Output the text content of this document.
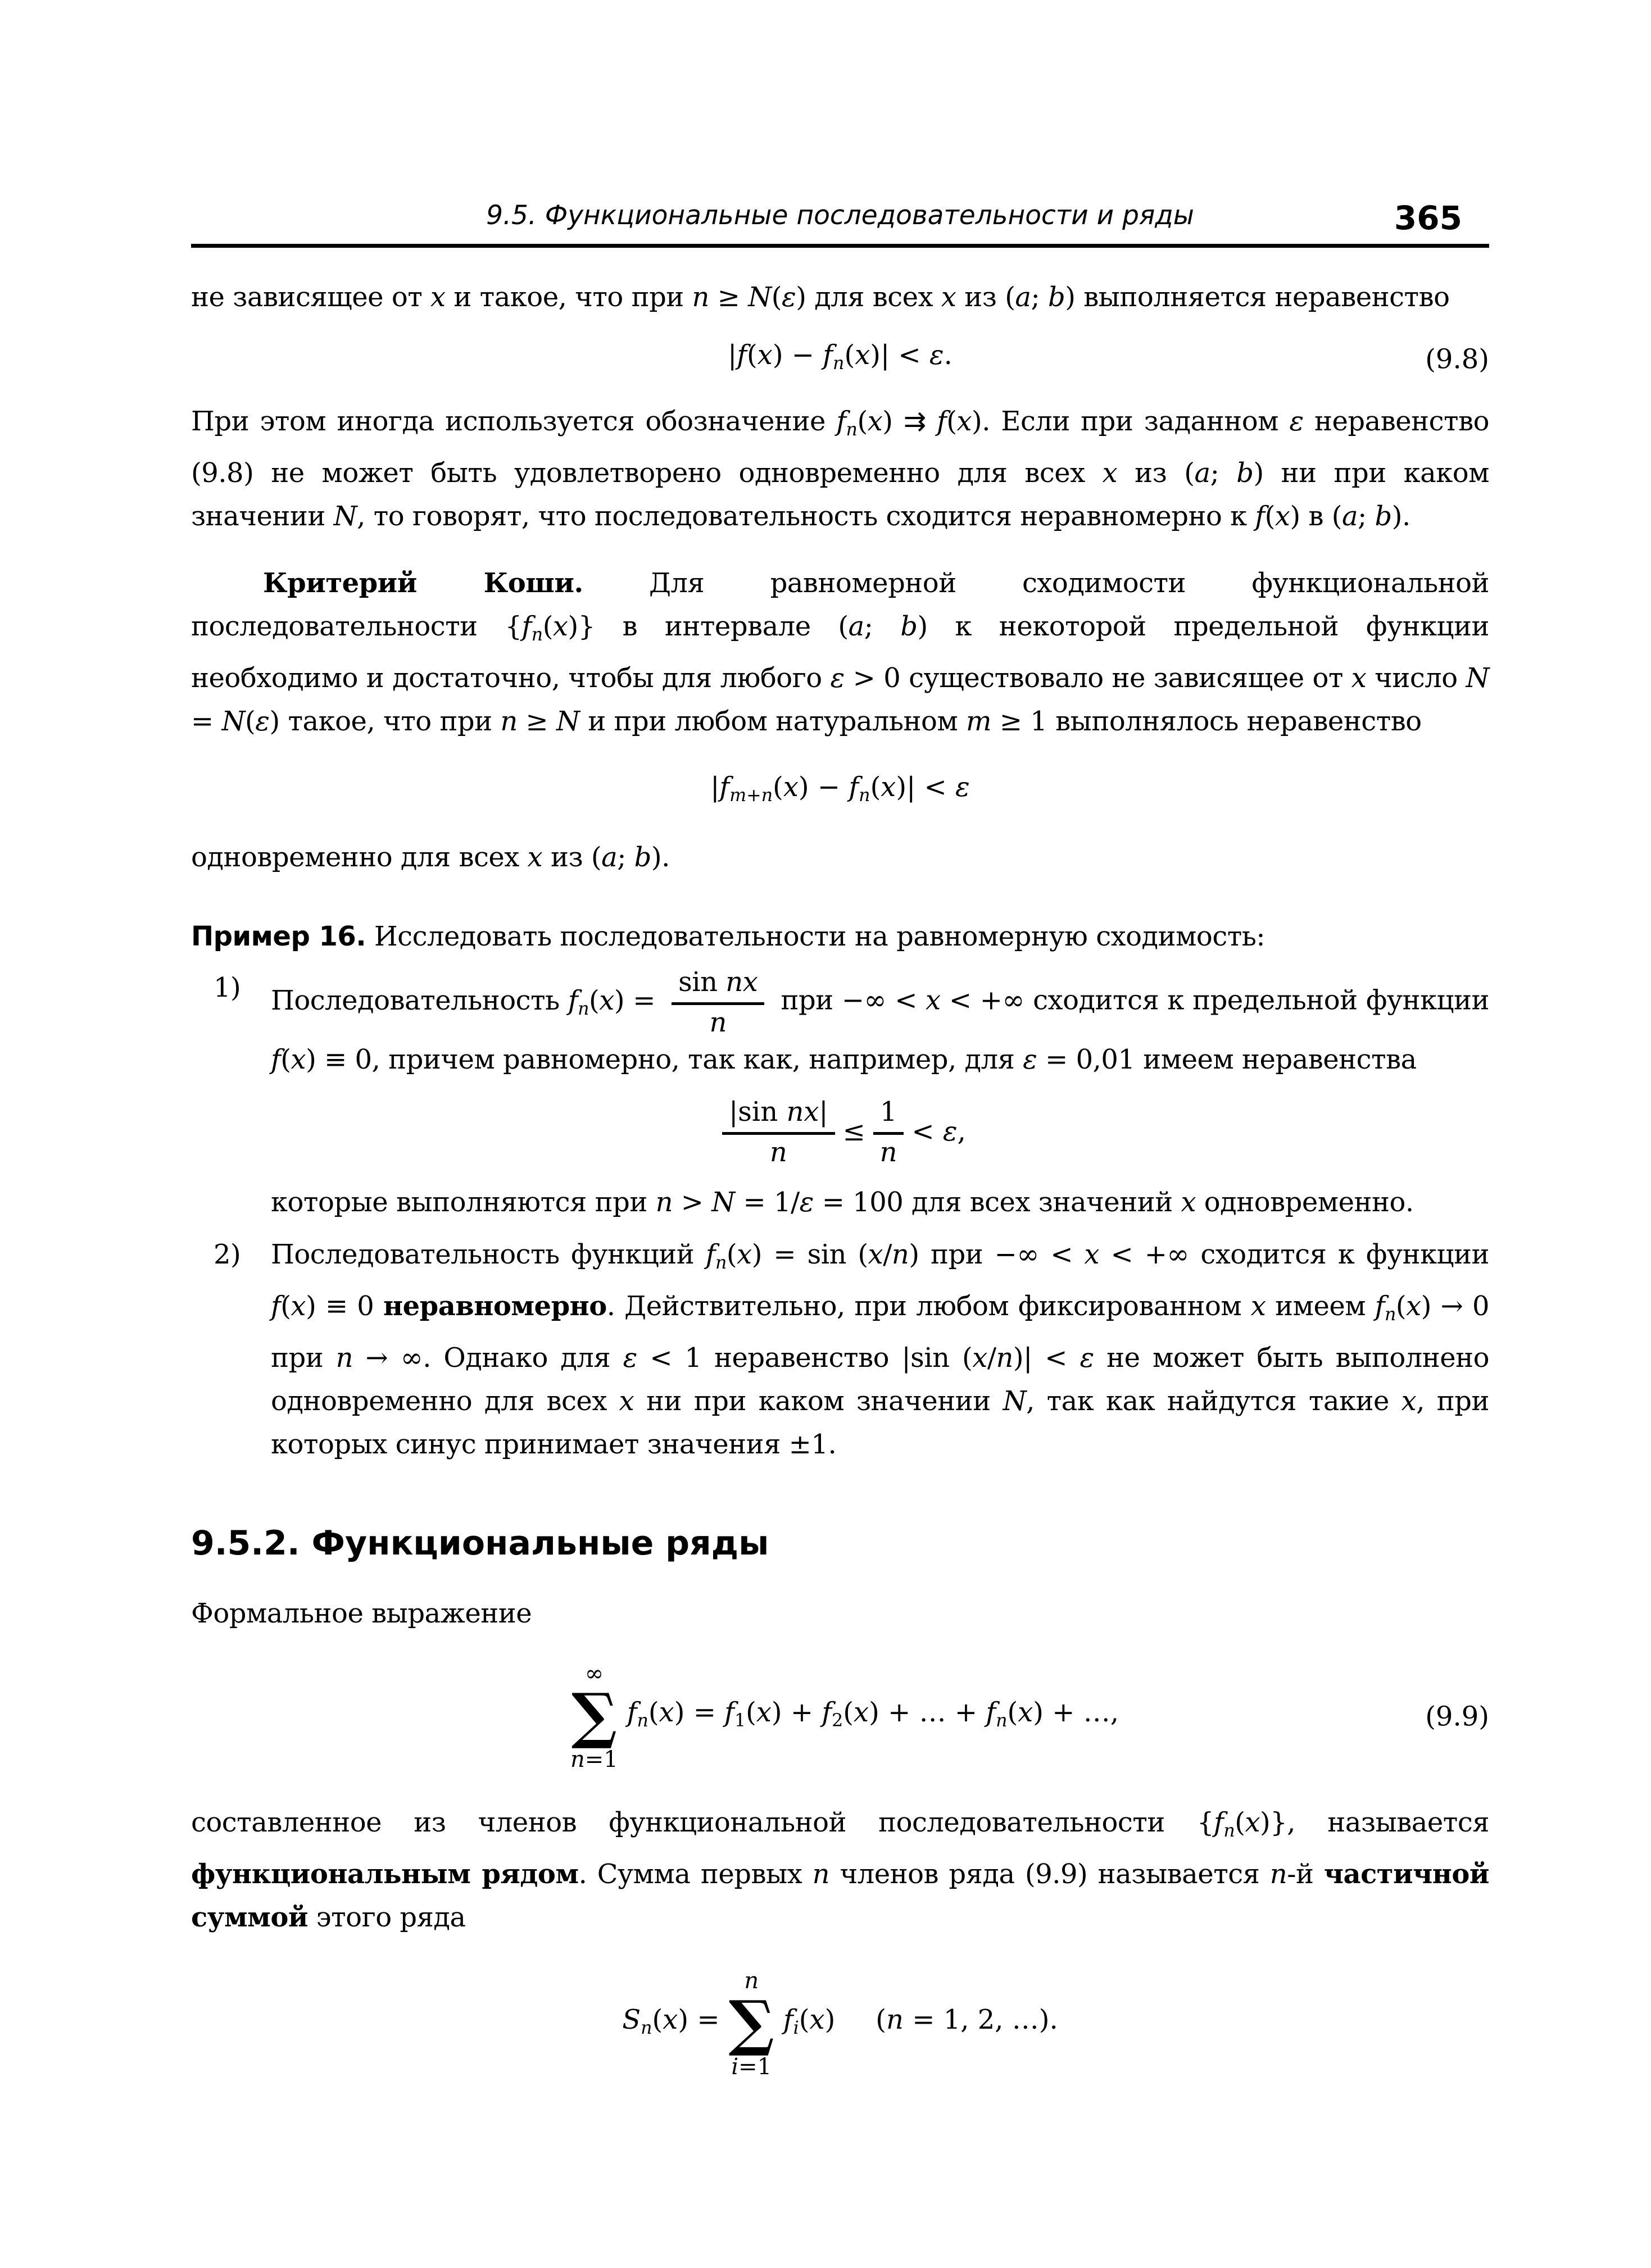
9.5. Функциональные последовательности и ряды	365

не зависящее от x и такое, что при n ≥ N(ε) для всех x из (a; b) выполняется неравенство

$|f(x) - f_n(x)| < \varepsilon$.	(9.8)

При этом иногда используется обозначение $f_n(x)$ ⇉ f(x). Если при заданном ε неравенство (9.8) не может быть удовлетворено одновременно для всех x из (a; b) ни при каком значении N, то говорят, что последовательность сходится неравномерно к f(x) в (a; b).

Критерий Коши. Для равномерной сходимости функциональной последовательности $\{f_n(x)\}$ в интервале (a; b) к некоторой предельной функции необходимо и достаточно, чтобы для любого ε > 0 существовало не зависящее от x число N = N(ε) такое, что при n ≥ N и при любом натуральном m ≥ 1 выполнялось неравенство

$|f_{m+n}(x) - f_n(x)| < \varepsilon$

одновременно для всех x из (a; b).

Пример 16. Исследовать последовательности на равномерную сходимость:

1) Последовательность $f_n(x) = \frac{\text{sin nx}}{n}$ при −∞ < x < +∞ сходится к предельной функции f(x) ≡ 0, причем равномерно, так как, например, для ε = 0,01 имеем неравенства
$\frac{\text{|sin nx|}}{n} \le \frac{1}{n} < \varepsilon$,

которые выполняются при n > N = 1/ε = 100 для всех значений x одновременно.

2) Последовательность функций $f_n(x) = \sin (x/n)$ при −∞ < x < +∞ сходится к функции f(x) ≡ 0 неравномерно. Действительно, при любом фиксированном x имеем $f_n(x) \to 0$ при n → ∞. Однако для ε < 1 неравенство |sin (x/n)| < ε не может быть выполнено одновременно для всех x ни при каком значении N, так как найдутся такие x, при которых синус принимает значения ±1.
9.5.2. Функциональные ряды

Формальное выражение

∞
∑
n=1
$f_n(x) = f1(x) + f2(x)$ + … + $f_n(x)$ + …,	(9.9)

составленное из членов функциональной последовательности $\{f_n(x)\}$, называется функциональным рядом. Сумма первых n членов ряда (9.9) называется n-й частичной суммой этого ряда

$S_n(x)$ =
n
∑
i=1
$f_i(x)$  (n = 1, 2, …).
